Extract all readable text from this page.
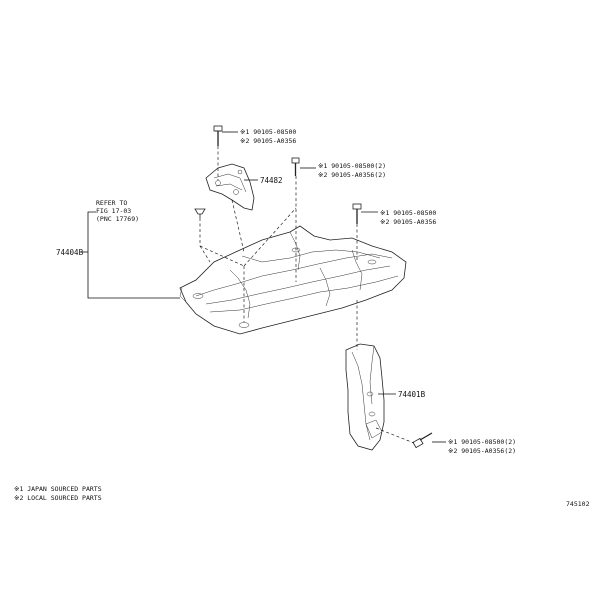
※1 90105-08500
※2 90105-A0356
※1 90105-08500(2)
※2 90105-A0356(2)
※1 90105-08500
※2 90105-A0356
※1 90105-08500(2)
※2 90105-A0356(2)
74482
74404B
74401B
REFER TO
FIG 17-03
(PNC 17769)
※1 JAPAN SOURCED PARTS
※2 LOCAL SOURCED PARTS
745102
